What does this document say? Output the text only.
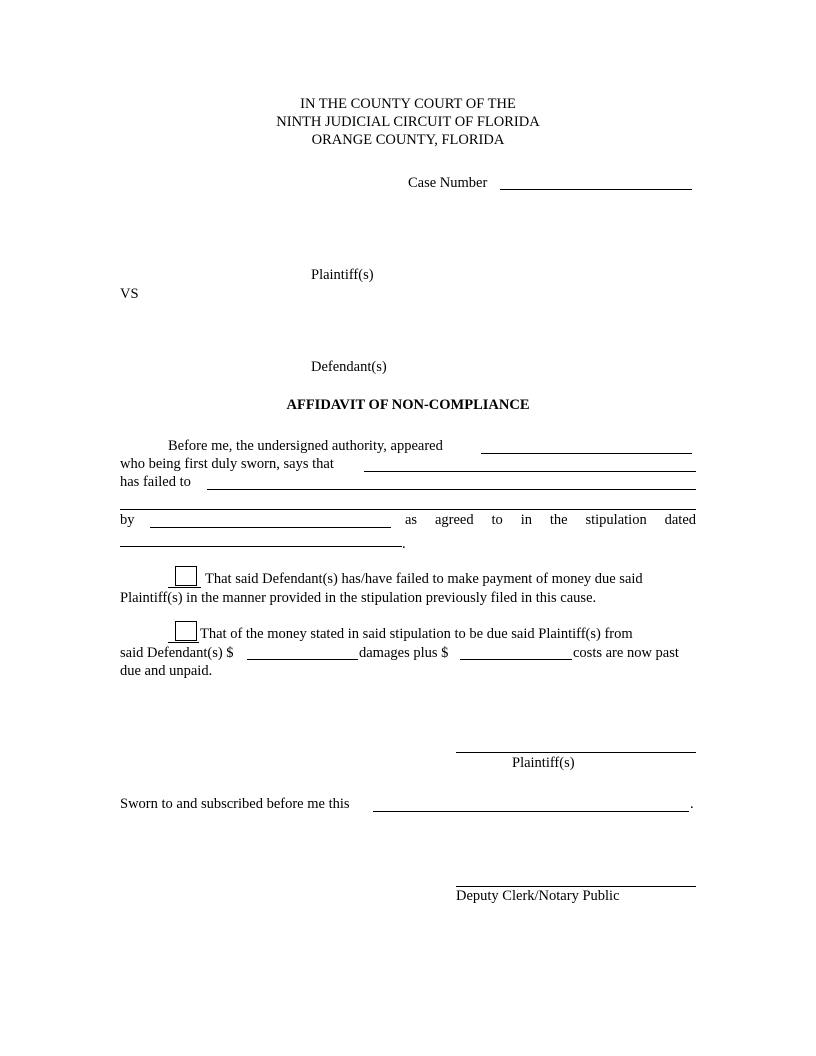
IN THE COUNTY COURT OF THE
NINTH JUDICIAL CIRCUIT OF FLORIDA
ORANGE COUNTY, FLORIDA
Case Number
Plaintiff(s)
VS
Defendant(s)
AFFIDAVIT OF NON-COMPLIANCE
Before me, the undersigned authority, appeared
who being first duly sworn, says that
has failed to
by	as agreed to in the stipulation dated
.
That said Defendant(s) has/have failed to make payment of money due said
Plaintiff(s) in the manner provided in the stipulation previously filed in this cause.
That of the money stated in said stipulation to be due said Plaintiff(s) from
said Defendant(s) $	damages plus $	costs are now past
due and unpaid.
Plaintiff(s)
Sworn to and subscribed before me this	.
Deputy Clerk/Notary Public
